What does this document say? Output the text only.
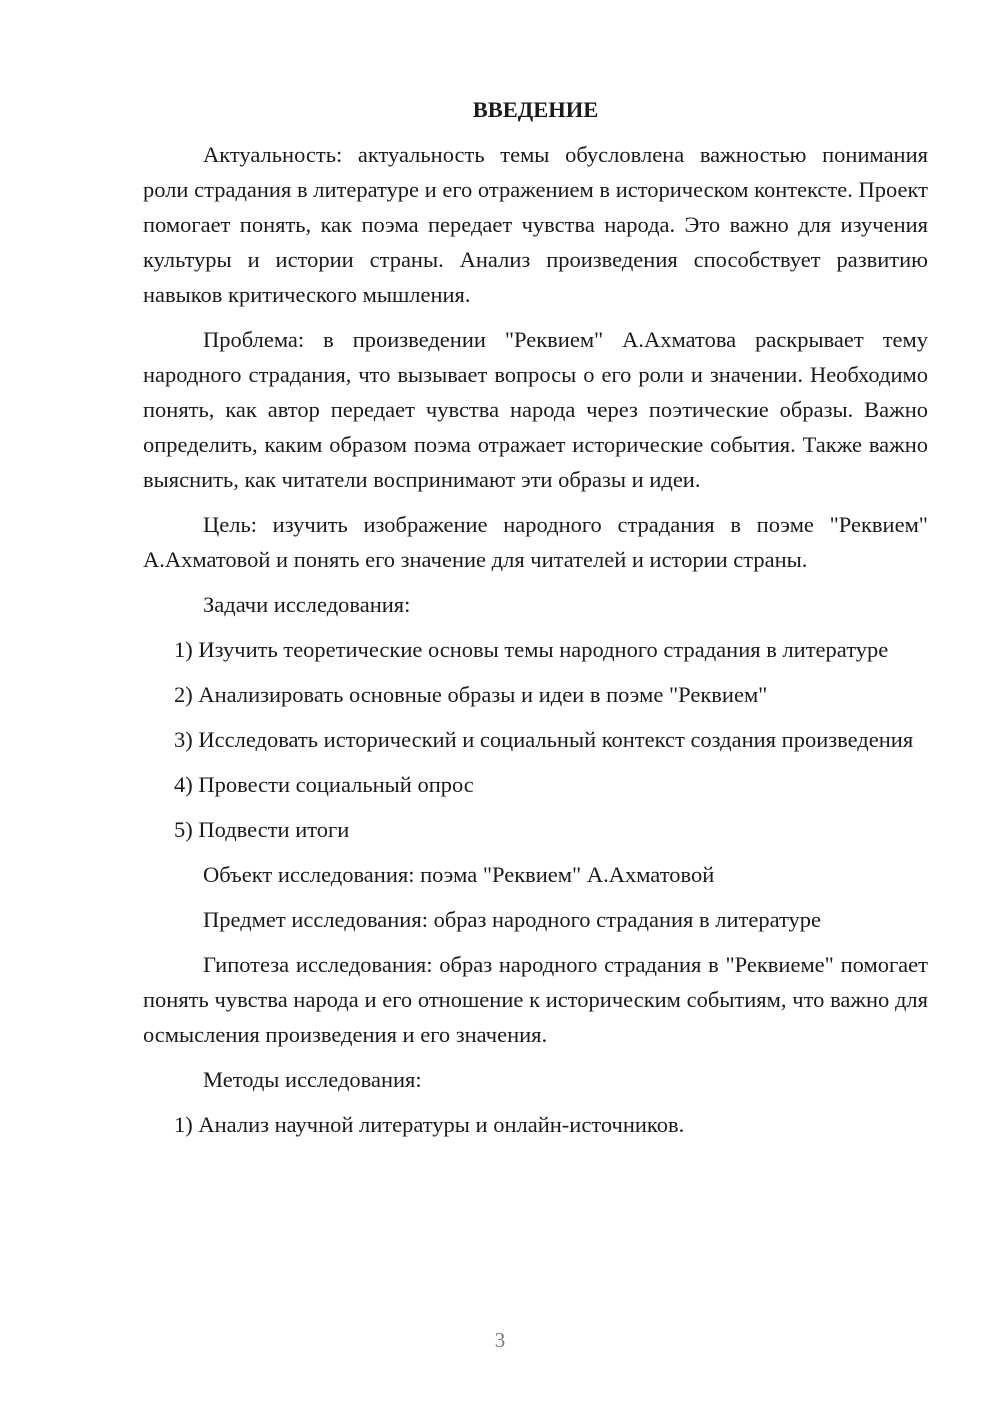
ВВЕДЕНИЕ

Актуальность: актуальность темы обусловлена важностью понимания роли страдания в литературе и его отражением в историческом контексте. Проект помогает понять, как поэма передает чувства народа. Это важно для изучения культуры и истории страны. Анализ произведения способствует развитию навыков критического мышления.

Проблема: в произведении "Реквием" А.Ахматова раскрывает тему народного страдания, что вызывает вопросы о его роли и значении. Необходимо понять, как автор передает чувства народа через поэтические образы. Важно определить, каким образом поэма отражает исторические события. Также важно выяснить, как читатели воспринимают эти образы и идеи.

Цель: изучить изображение народного страдания в поэме "Реквием" А.Ахматовой и понять его значение для читателей и истории страны.

Задачи исследования:

1) Изучить теоретические основы темы народного страдания в литературе

2) Анализировать основные образы и идеи в поэме "Реквием"

3) Исследовать исторический и социальный контекст создания произведения

4) Провести социальный опрос

5) Подвести итоги

Объект исследования: поэма "Реквием" А.Ахматовой

Предмет исследования: образ народного страдания в литературе

Гипотеза исследования: образ народного страдания в "Реквиеме" помогает понять чувства народа и его отношение к историческим событиям, что важно для осмысления произведения и его значения.

Методы исследования:

1) Анализ научной литературы и онлайн-источников.

3
